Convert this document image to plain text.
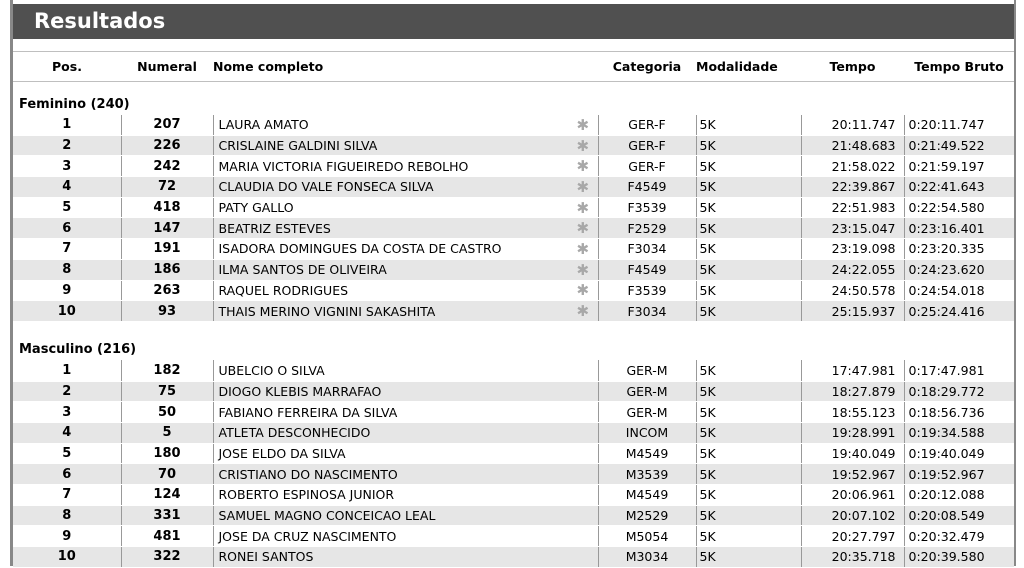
Resultados
Pos.	Numeral	Nome completo		Categoria	Modalidade	Tempo	Tempo Bruto
Feminino (240)							
1	207	LAURA AMATO	✱	GER-F	5K	20:11.747	0:20:11.747
2	226	CRISLAINE GALDINI SILVA	✱	GER-F	5K	21:48.683	0:21:49.522
3	242	MARIA VICTORIA FIGUEIREDO REBOLHO	✱	GER-F	5K	21:58.022	0:21:59.197
4	72	CLAUDIA DO VALE FONSECA SILVA	✱	F4549	5K	22:39.867	0:22:41.643
5	418	PATY GALLO	✱	F3539	5K	22:51.983	0:22:54.580
6	147	BEATRIZ ESTEVES	✱	F2529	5K	23:15.047	0:23:16.401
7	191	ISADORA DOMINGUES DA COSTA DE CASTRO	✱	F3034	5K	23:19.098	0:23:20.335
8	186	ILMA SANTOS DE OLIVEIRA	✱	F4549	5K	24:22.055	0:24:23.620
9	263	RAQUEL RODRIGUES	✱	F3539	5K	24:50.578	0:24:54.018
10	93	THAIS MERINO VIGNINI SAKASHITA	✱	F3034	5K	25:15.937	0:25:24.416

Masculino (216)							
1	182	UBELCIO O SILVA		GER-M	5K	17:47.981	0:17:47.981
2	75	DIOGO KLEBIS MARRAFAO		GER-M	5K	18:27.879	0:18:29.772
3	50	FABIANO FERREIRA DA SILVA		GER-M	5K	18:55.123	0:18:56.736
4	5	ATLETA DESCONHECIDO		INCOM	5K	19:28.991	0:19:34.588
5	180	JOSE ELDO DA SILVA		M4549	5K	19:40.049	0:19:40.049
6	70	CRISTIANO DO NASCIMENTO		M3539	5K	19:52.967	0:19:52.967
7	124	ROBERTO ESPINOSA JUNIOR		M4549	5K	20:06.961	0:20:12.088
8	331	SAMUEL MAGNO CONCEICAO LEAL		M2529	5K	20:07.102	0:20:08.549
9	481	JOSE DA CRUZ NASCIMENTO		M5054	5K	20:27.797	0:20:32.479
10	322	RONEI SANTOS		M3034	5K	20:35.718	0:20:39.580
